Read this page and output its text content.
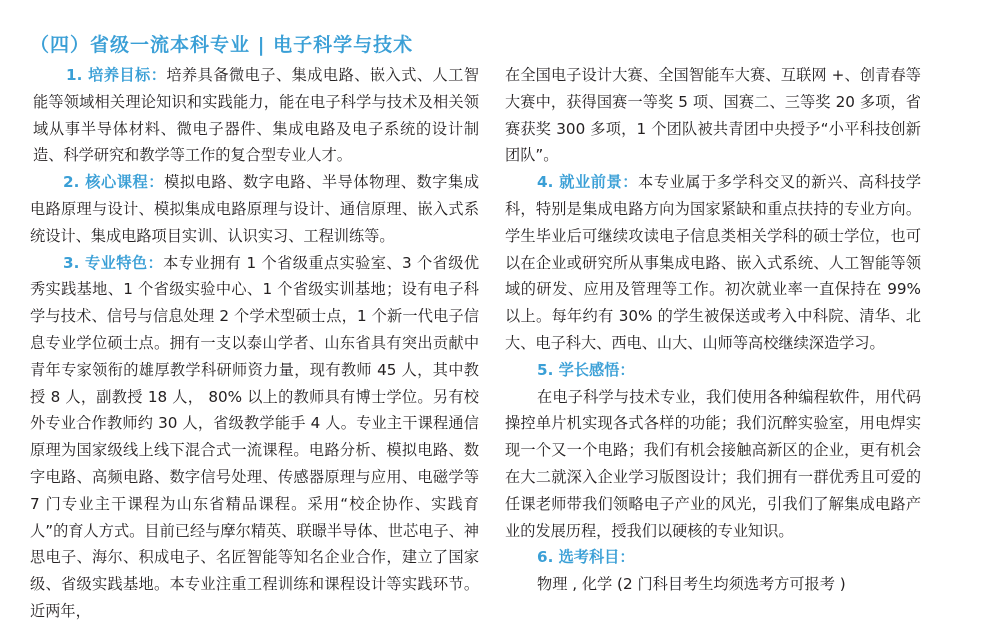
（四）省级一流本科专业 | 电子科学与技术

1. 培养目标：培养具备微电子、集成电路、嵌入式、人工智能等领域相关理论知识和实践能力，能在电子科学与技术及相关领域从事半导体材料、微电子器件、集成电路及电子系统的设计制造、科学研究和教学等工作的复合型专业人才。

2. 核心课程：模拟电路、数字电路、半导体物理、数字集成电路原理与设计、模拟集成电路原理与设计、通信原理、嵌入式系统设计、集成电路项目实训、认识实习、工程训练等。

3. 专业特色：本专业拥有 1 个省级重点实验室、3 个省级优秀实践基地、1 个省级实验中心、1 个省级实训基地；设有电子科学与技术、信号与信息处理 2 个学术型硕士点，1 个新一代电子信息专业学位硕士点。拥有一支以泰山学者、山东省具有突出贡献中青年专家领衔的雄厚教学科研师资力量，现有教师 45 人，其中教授 8 人，副教授 18 人， 80% 以上的教师具有博士学位。另有校外专业合作教师约 30 人，省级教学能手 4 人。专业主干课程通信原理为国家级线上线下混合式一流课程。电路分析、模拟电路、数字电路、高频电路、数字信号处理、传感器原理与应用、电磁学等 7 门专业主干课程为山东省精品课程。采用“校企协作、实践育人”的育人方式。目前已经与摩尔精英、联暻半导体、世芯电子、神思电子、海尔、积成电子、名匠智能等知名企业合作，建立了国家级、省级实践基地。本专业注重工程训练和课程设计等实践环节。近两年，

在全国电子设计大赛、全国智能车大赛、互联网 +、创青春等大赛中，获得国赛一等奖 5 项、国赛二、三等奖 20 多项，省赛获奖 300 多项，1 个团队被共青团中央授予“小平科技创新团队”。

4. 就业前景：本专业属于多学科交叉的新兴、高科技学科，特别是集成电路方向为国家紧缺和重点扶持的专业方向。学生毕业后可继续攻读电子信息类相关学科的硕士学位，也可以在企业或研究所从事集成电路、嵌入式系统、人工智能等领域的研发、应用及管理等工作。初次就业率一直保持在 99% 以上。每年约有 30% 的学生被保送或考入中科院、清华、北大、电子科大、西电、山大、山师等高校继续深造学习。

5. 学长感悟：

在电子科学与技术专业，我们使用各种编程软件，用代码操控单片机实现各式各样的功能；我们沉醉实验室，用电焊实现一个又一个电路；我们有机会接触高新区的企业，更有机会在大二就深入企业学习版图设计；我们拥有一群优秀且可爱的任课老师带我们领略电子产业的风光，引我们了解集成电路产业的发展历程，授我们以硬核的专业知识。

6. 选考科目：

物理 , 化学 (2 门科目考生均须选考方可报考 )
